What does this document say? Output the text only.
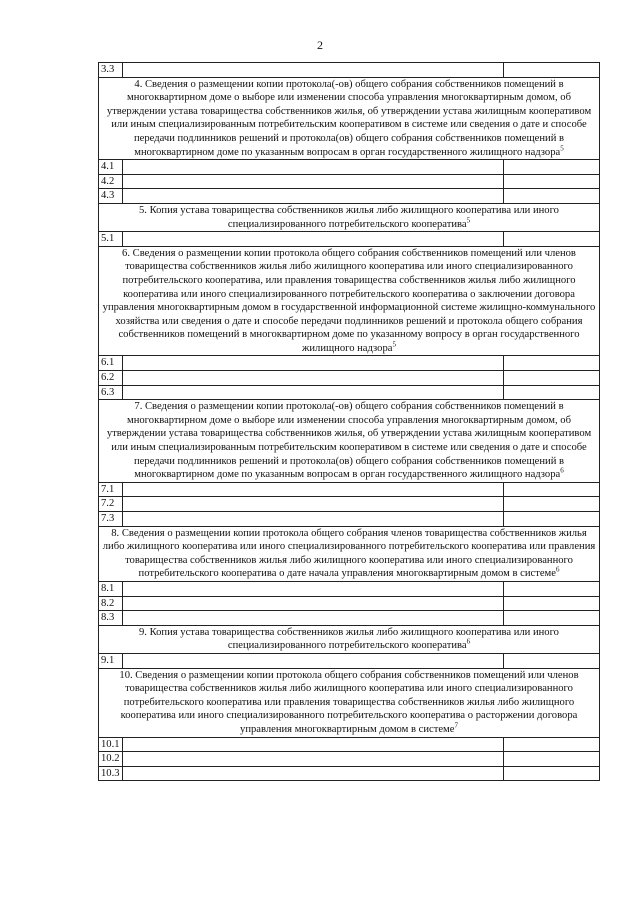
2
3.3		
4. Сведения о размещении копии протокола(-ов) общего собрания собственников помещений в многоквартирном доме о выборе или изменении способа управления многоквартирным домом, об утверждении устава товарищества собственников жилья, об утверждении устава жилищным кооперативом или иным специализированным потребительским кооперативом в системе или сведения о дате и способе передачи подлинников решений и протокола(ов) общего собрания собственников помещений в многоквартирном доме по указанным вопросам в орган государственного жилищного надзора$^5$
4.1		
4.2		
4.3		
5. Копия устава товарищества собственников жилья либо жилищного кооператива или иного специализированного потребительского кооператива$^5$
5.1		
6. Сведения о размещении копии протокола общего собрания собственников помещений или членов товарищества собственников жилья либо жилищного кооператива или иного специализированного потребительского кооператива, или правления товарищества собственников жилья либо жилищного кооператива или иного специализированного потребительского кооператива о заключении договора управления многоквартирным домом в государственной информационной системе жилищно-коммунального хозяйства или сведения о дате и способе передачи подлинников решений и протокола общего собрания собственников помещений в многоквартирном доме по указанному вопросу в орган государственного жилищного надзора$^5$
6.1		
6.2		
6.3		
7. Сведения о размещении копии протокола(-ов) общего собрания собственников помещений в многоквартирном доме о выборе или изменении способа управления многоквартирным домом, об утверждении устава товарищества собственников жилья, об утверждении устава жилищным кооперативом или иным специализированным потребительским кооперативом в системе или сведения о дате и способе передачи подлинников решений и протокола(ов) общего собрания собственников помещений в многоквартирном доме по указанным вопросам в орган государственного жилищного надзора$^6$
7.1		
7.2		
7.3		
8. Сведения о размещении копии протокола общего собрания членов товарищества собственников жилья либо жилищного кооператива или иного специализированного потребительского кооператива или правления товарищества собственников жилья либо жилищного кооператива или иного специализированного потребительского кооператива о дате начала управления многоквартирным домом в системе$^6$
8.1		
8.2		
8.3		
9. Копия устава товарищества собственников жилья либо жилищного кооператива или иного специализированного потребительского кооператива$^6$
9.1		
10. Сведения о размещении копии протокола общего собрания собственников помещений или членов товарищества собственников жилья либо жилищного кооператива или иного специализированного потребительского кооператива или правления товарищества собственников жилья либо жилищного кооператива или иного специализированного потребительского кооператива о расторжении договора управления многоквартирным домом в системе$^7$
10.1		
10.2		
10.3		
